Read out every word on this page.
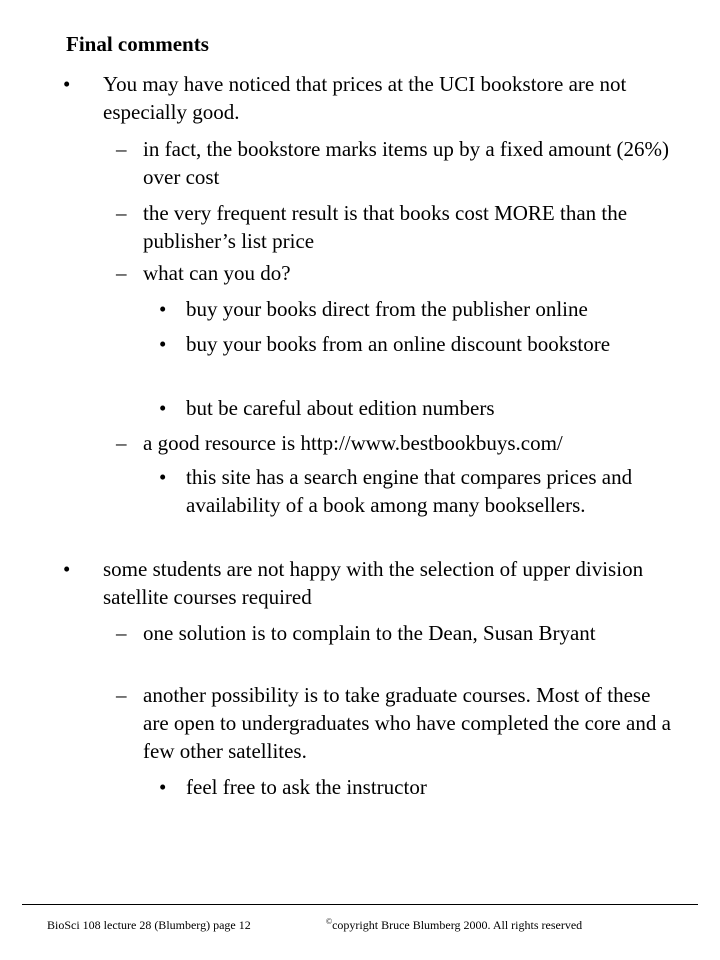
Final comments
• You may have noticed that prices at the UCI bookstore are not especially good.
– in fact, the bookstore marks items up by a fixed amount (26%) over cost
– the very frequent result is that books cost MORE than the publisher’s list price
– what can you do?
• buy your books direct from the publisher online
• buy your books from an online discount bookstore
• but be careful about edition numbers
– a good resource is http://www.bestbookbuys.com/
• this site has a search engine that compares prices and availability of a book among many booksellers.
• some students are not happy with the selection of upper division satellite courses required
– one solution is to complain to the Dean, Susan Bryant
– another possibility is to take graduate courses. Most of these are open to undergraduates who have completed the core and a few other satellites.
• feel free to ask the instructor
BioSci 108 lecture 28 (Blumberg) page 12	©copyright Bruce Blumberg 2000. All rights reserved
